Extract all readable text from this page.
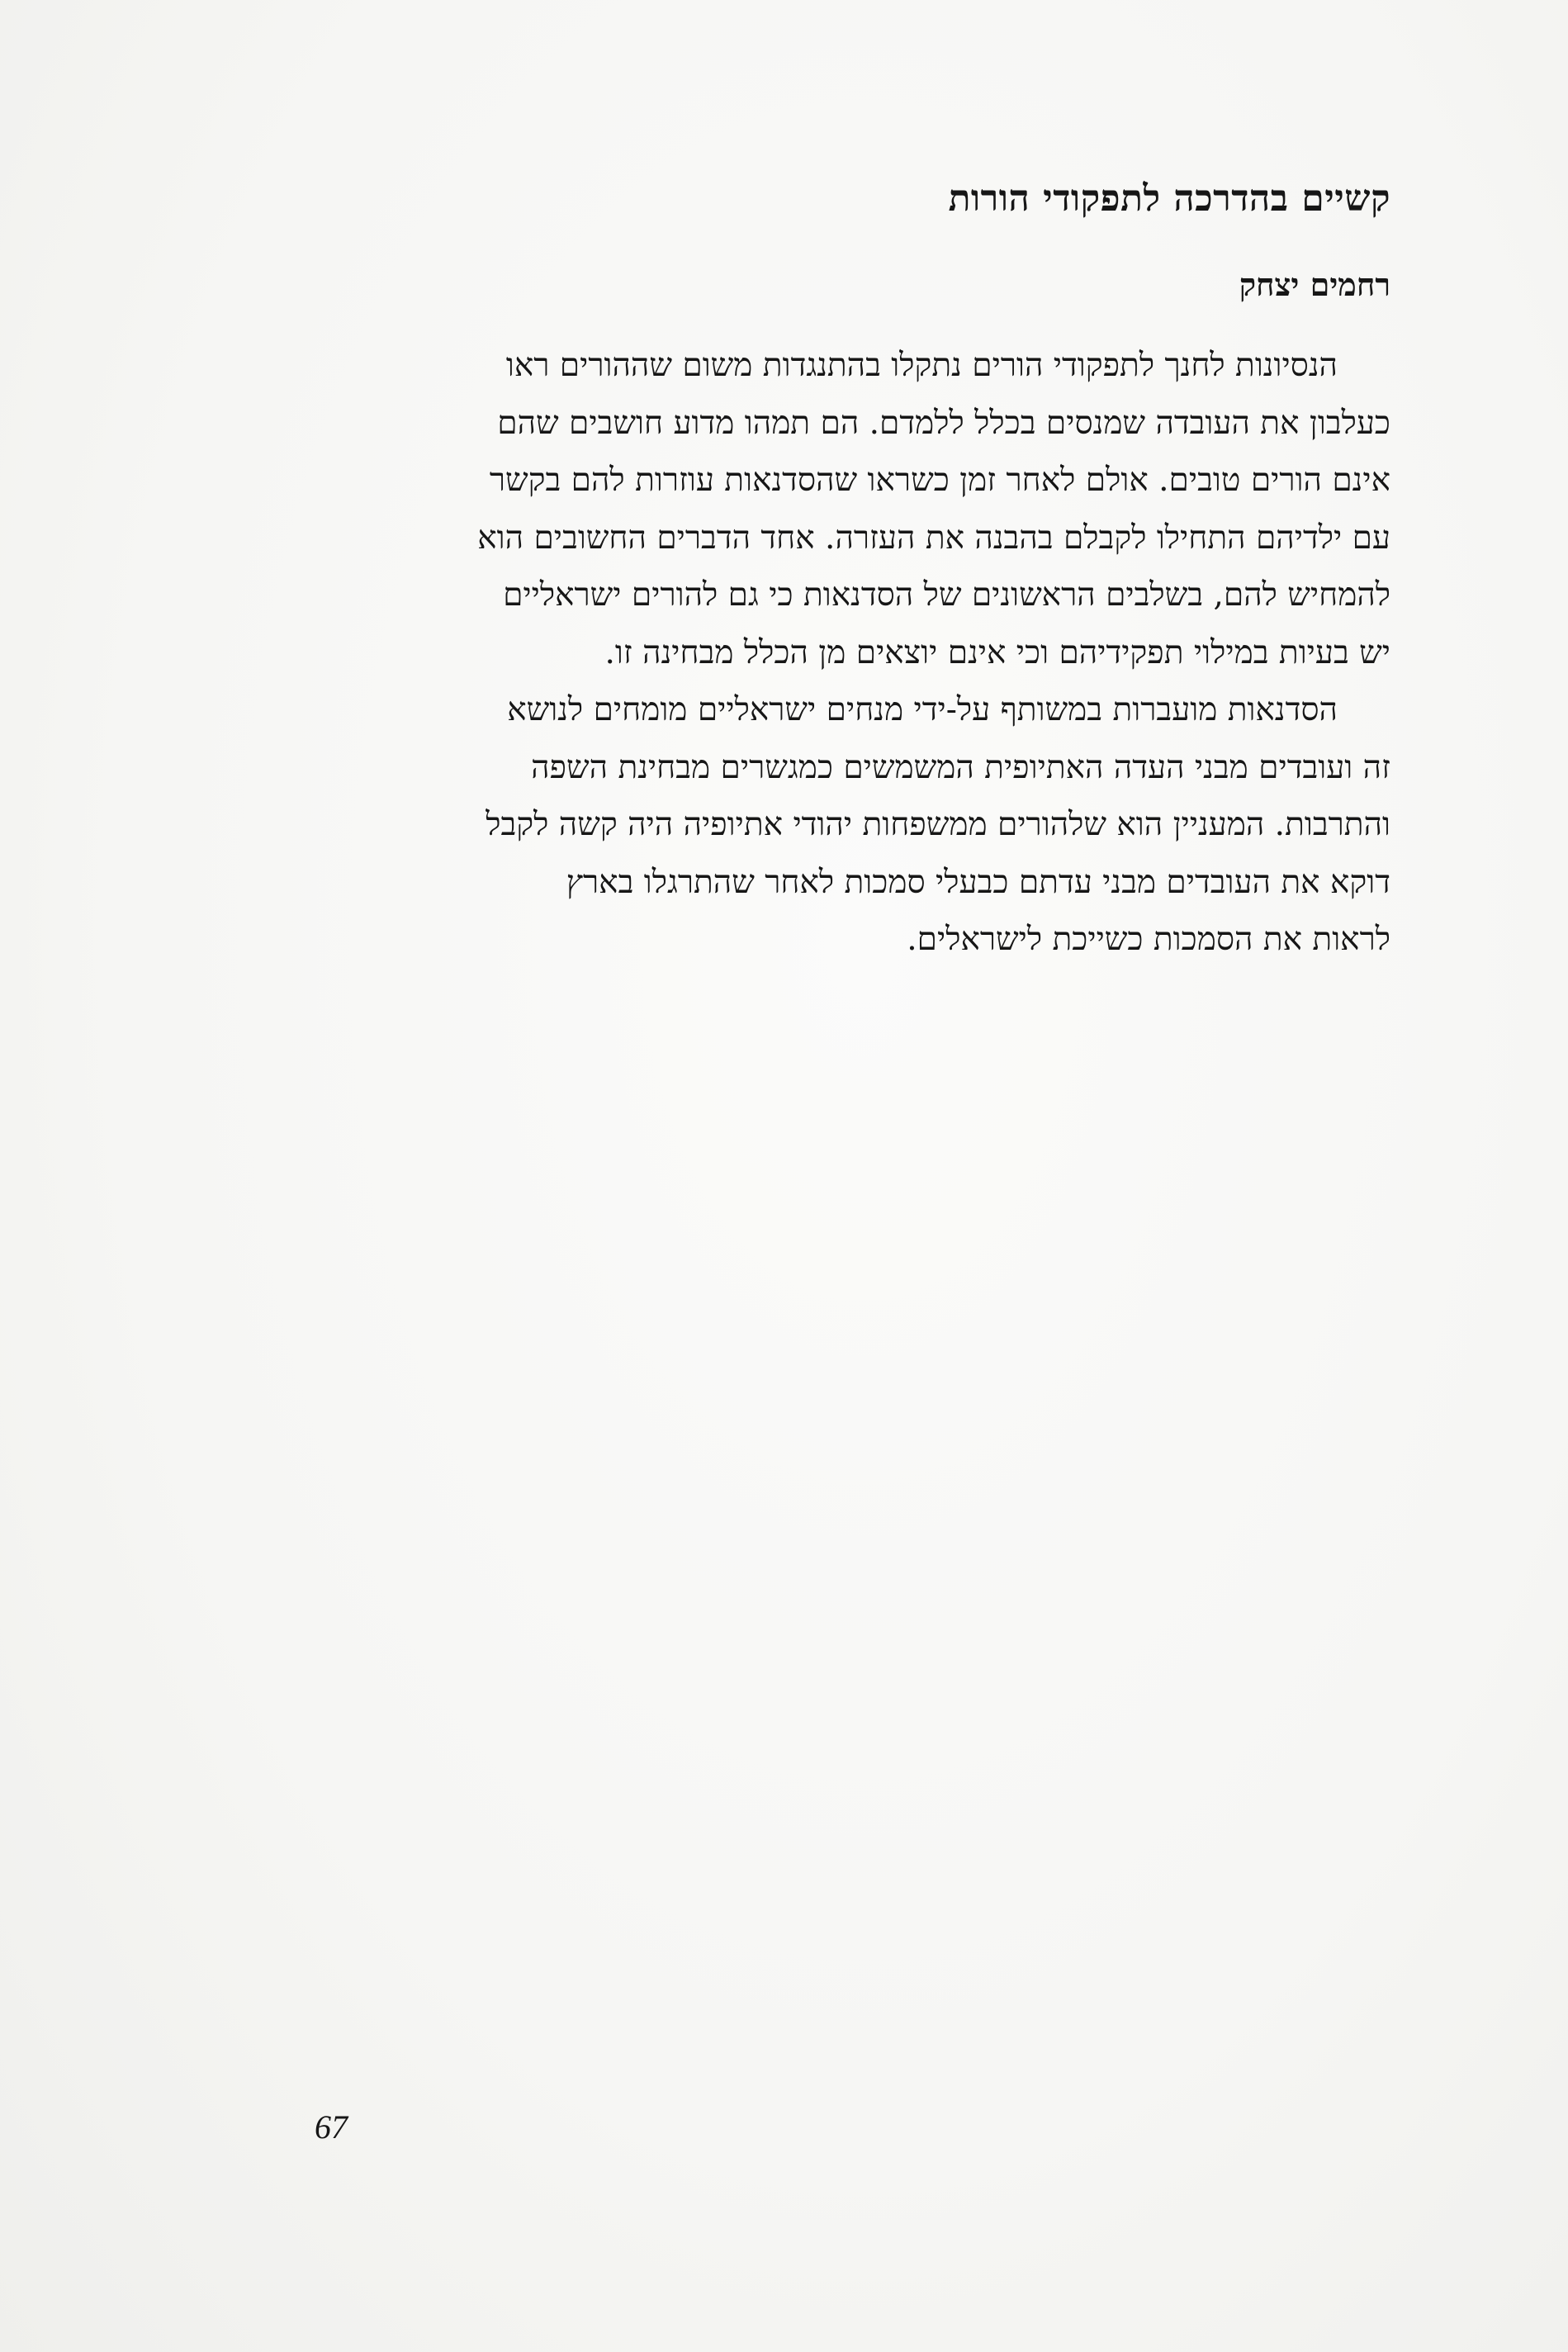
קשיים בהדרכה לתפקודי הורות
רחמים יצחק
הנסיונות לחנך לתפקודי הורים נתקלו בהתנגדות משום שההורים ראו
כעלבון את העובדה שמנסים בכלל ללמדם. הם תמהו מדוע חושבים שהם
אינם הורים טובים. אולם לאחר זמן כשראו שהסדנאות עוזרות להם בקשר
עם ילדיהם התחילו לקבלם בהבנה את העזרה. אחד הדברים החשובים הוא
להמחיש להם, בשלבים הראשונים של הסדנאות כי גם להורים ישראליים
יש בעיות במילוי תפקידיהם וכי אינם יוצאים מן הכלל מבחינה זו.
הסדנאות מועברות במשותף על-ידי מנחים ישראליים מומחים לנושא
זה ועובדים מבני העדה האתיופית המשמשים כמגשרים מבחינת השפה
והתרבות. המעניין הוא שלהורים ממשפחות יהודי אתיופיה היה קשה לקבל
דוקא את העובדים מבני עדתם כבעלי סמכות לאחר שהתרגלו בארץ
לראות את הסמכות כשייכת לישראלים.
67
